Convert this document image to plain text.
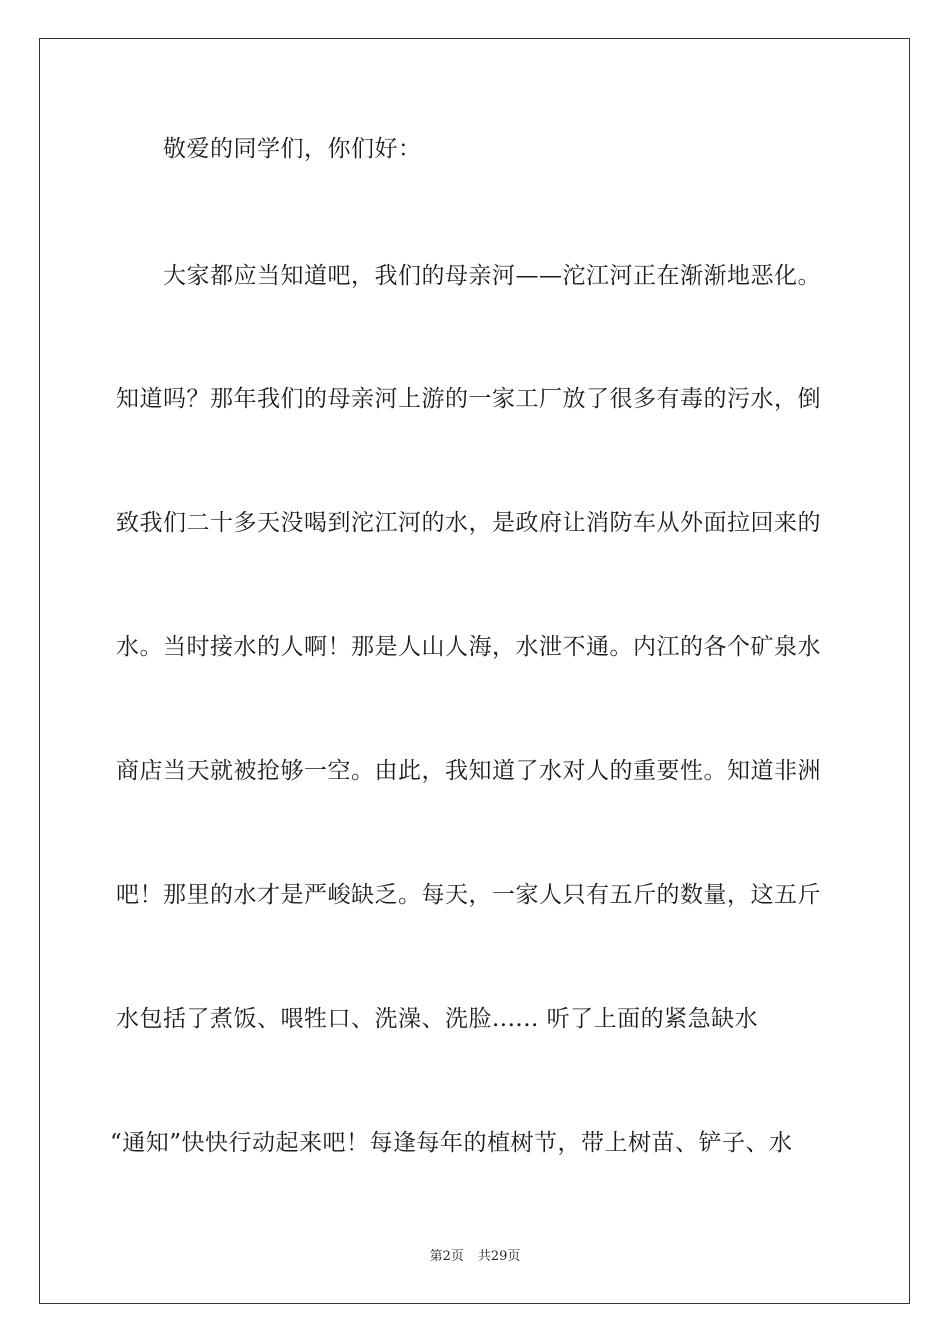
敬爱的同学们，你们好：
大家都应当知道吧，我们的母亲河——沱江河正在渐渐地恶化。
知道吗？那年我们的母亲河上游的一家工厂放了很多有毒的污水，倒
致我们二十多天没喝到沱江河的水，是政府让消防车从外面拉回来的
水。当时接水的人啊！那是人山人海，水泄不通。内江的各个矿泉水
商店当天就被抢够一空。由此，我知道了水对人的重要性。知道非洲
吧！那里的水才是严峻缺乏。每天，一家人只有五斤的数量，这五斤
水包括了煮饭、喂牲口、洗澡、洗脸...... 听了上面的紧急缺水
“通知”快快行动起来吧！每逢每年的植树节，带上树苗、铲子、水
第2页 共29页
